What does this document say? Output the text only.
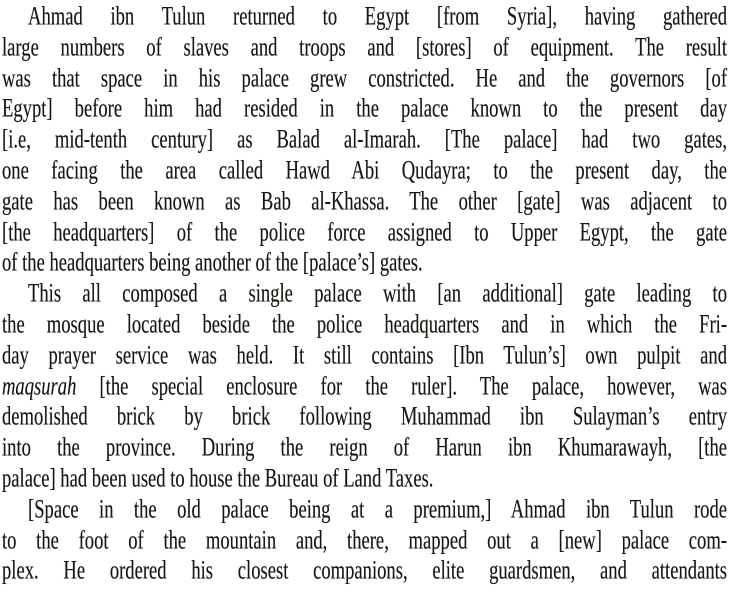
Ahmad ibn Tulun returned to Egypt [from Syria], having gathered
large numbers of slaves and troops and [stores] of equipment. The result
was that space in his palace grew constricted. He and the governors [of
Egypt] before him had resided in the palace known to the present day
[i.e, mid-tenth century] as Balad al-Imarah. [The palace] had two gates,
one facing the area called Hawd Abi Qudayra; to the present day, the
gate has been known as Bab al-Khassa. The other [gate] was adjacent to
[the headquarters] of the police force assigned to Upper Egypt, the gate
of the headquarters being another of the [palace’s] gates.
This all composed a single palace with [an additional] gate leading to
the mosque located beside the police headquarters and in which the Fri-
day prayer service was held. It still contains [Ibn Tulun’s] own pulpit and
maqsurah [the special enclosure for the ruler]. The palace, however, was
demolished brick by brick following Muhammad ibn Sulayman’s entry
into the province. During the reign of Harun ibn Khumarawayh, [the
palace] had been used to house the Bureau of Land Taxes.
[Space in the old palace being at a premium,] Ahmad ibn Tulun rode
to the foot of the mountain and, there, mapped out a [new] palace com-
plex. He ordered his closest companions, elite guardsmen, and attendants
